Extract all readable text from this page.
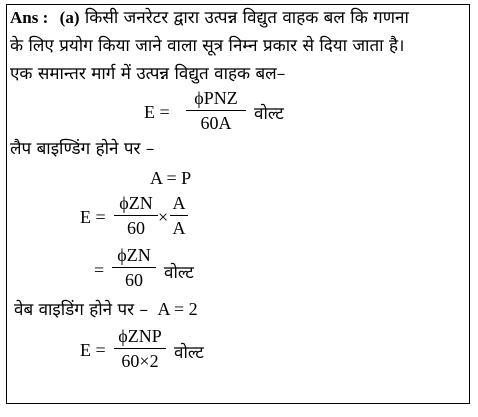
Ans : (a) किसी जनरेटर द्वारा उत्पन्न विद्युत वाहक बल कि गणना
के लिए प्रयोग किया जाने वाला सूत्र निम्न प्रकार से दिया जाता है।
एक समान्तर मार्ग में उत्पन्न विद्युत वाहक बल–
E =
ϕPNZ
60A	वोल्ट
लैप बाइण्डिंग होने पर –
A = P
E =
ϕZN
60
×
A
A
=
ϕZN
60	वोल्ट
वेब वाइडिंग होने पर – A = 2
E =
ϕZNP
60×2 वोल्ट
